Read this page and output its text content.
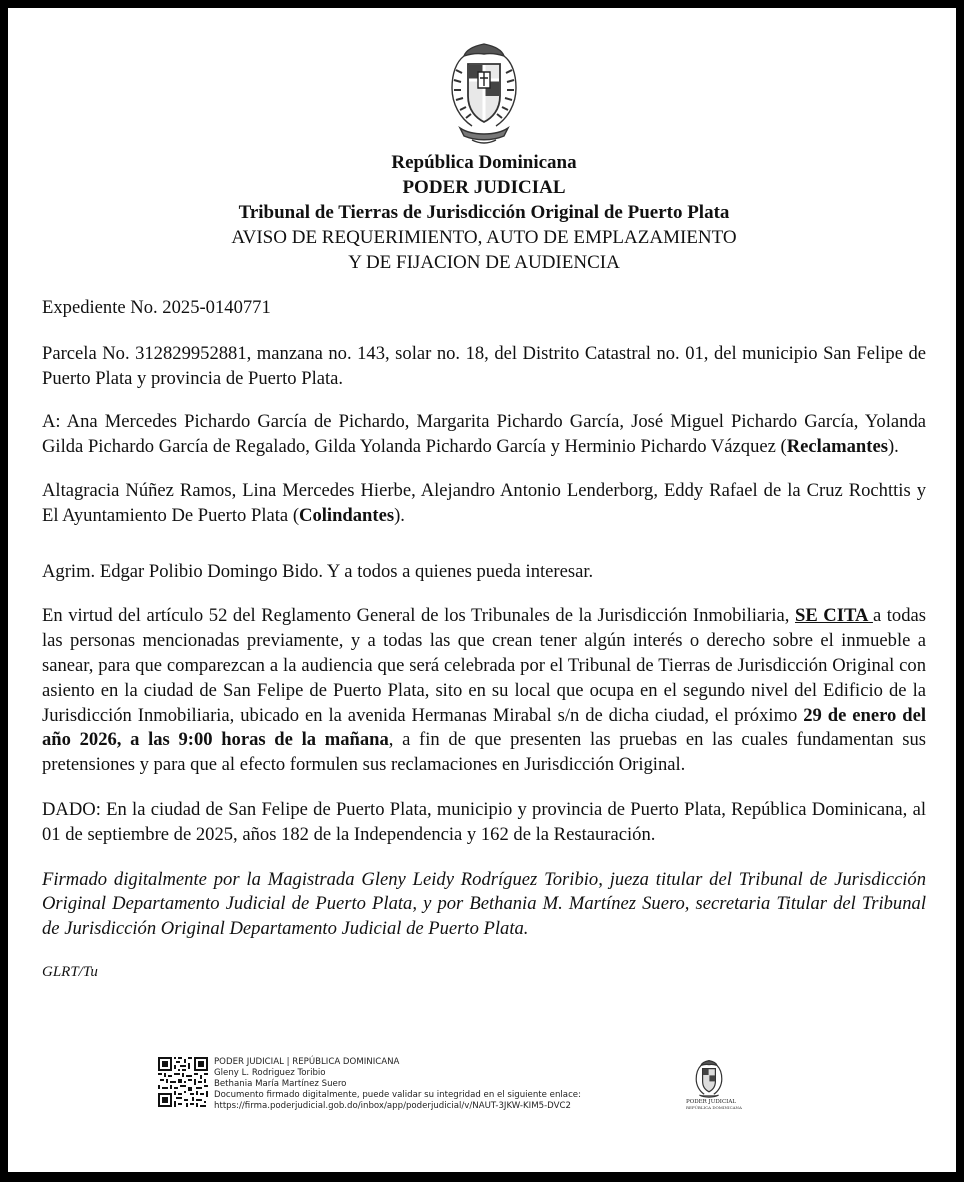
República Dominicana
PODER JUDICIAL
Tribunal de Tierras de Jurisdicción Original de Puerto Plata
AVISO DE REQUERIMIENTO, AUTO DE EMPLAZAMIENTO
Y DE FIJACION DE AUDIENCIA

Expediente No. 2025-0140771

Parcela No. 312829952881, manzana no. 143, solar no. 18, del Distrito Catastral no. 01, del municipio San Felipe de Puerto Plata y provincia de Puerto Plata.

A: Ana Mercedes Pichardo García de Pichardo, Margarita Pichardo García, José Miguel Pichardo García, Yolanda Gilda Pichardo García de Regalado, Gilda Yolanda Pichardo García y Herminio Pichardo Vázquez (Reclamantes).

Altagracia Núñez Ramos, Lina Mercedes Hierbe, Alejandro Antonio Lenderborg, Eddy Rafael de la Cruz Rochttis y El Ayuntamiento De Puerto Plata (Colindantes).

Agrim. Edgar Polibio Domingo Bido. Y a todos a quienes pueda interesar.

En virtud del artículo 52 del Reglamento General de los Tribunales de la Jurisdicción Inmobiliaria, SE CITA a todas las personas mencionadas previamente, y a todas las que crean tener algún interés o derecho sobre el inmueble a sanear, para que comparezcan a la audiencia que será celebrada por el Tribunal de Tierras de Jurisdicción Original con asiento en la ciudad de San Felipe de Puerto Plata, sito en su local que ocupa en el segundo nivel del Edificio de la Jurisdicción Inmobiliaria, ubicado en la avenida Hermanas Mirabal s/n de dicha ciudad, el próximo 29 de enero del año 2026, a las 9:00 horas de la mañana, a fin de que presenten las pruebas en las cuales fundamentan sus pretensiones y para que al efecto formulen sus reclamaciones en Jurisdicción Original.

DADO: En la ciudad de San Felipe de Puerto Plata, municipio y provincia de Puerto Plata, República Dominicana, al 01 de septiembre de 2025, años 182 de la Independencia y 162 de la Restauración.

Firmado digitalmente por la Magistrada Gleny Leidy Rodríguez Toribio, jueza titular del Tribunal de Jurisdicción Original Departamento Judicial de Puerto Plata, y por Bethania M. Martínez Suero, secretaria Titular del Tribunal de Jurisdicción Original Departamento Judicial de Puerto Plata.

GLRT/Tu

PODER JUDICIAL | REPÚBLICA DOMINICANA
Gleny L. Rodriguez Toribio
Bethania María Martínez Suero
Documento firmado digitalmente, puede validar su integridad en el siguiente enlace:
https://firma.poderjudicial.gob.do/inbox/app/poderjudicial/v/NAUT-3JKW-KIM5-DVC2	PODER JUDICIAL
REPÚBLICA DOMINICANA
